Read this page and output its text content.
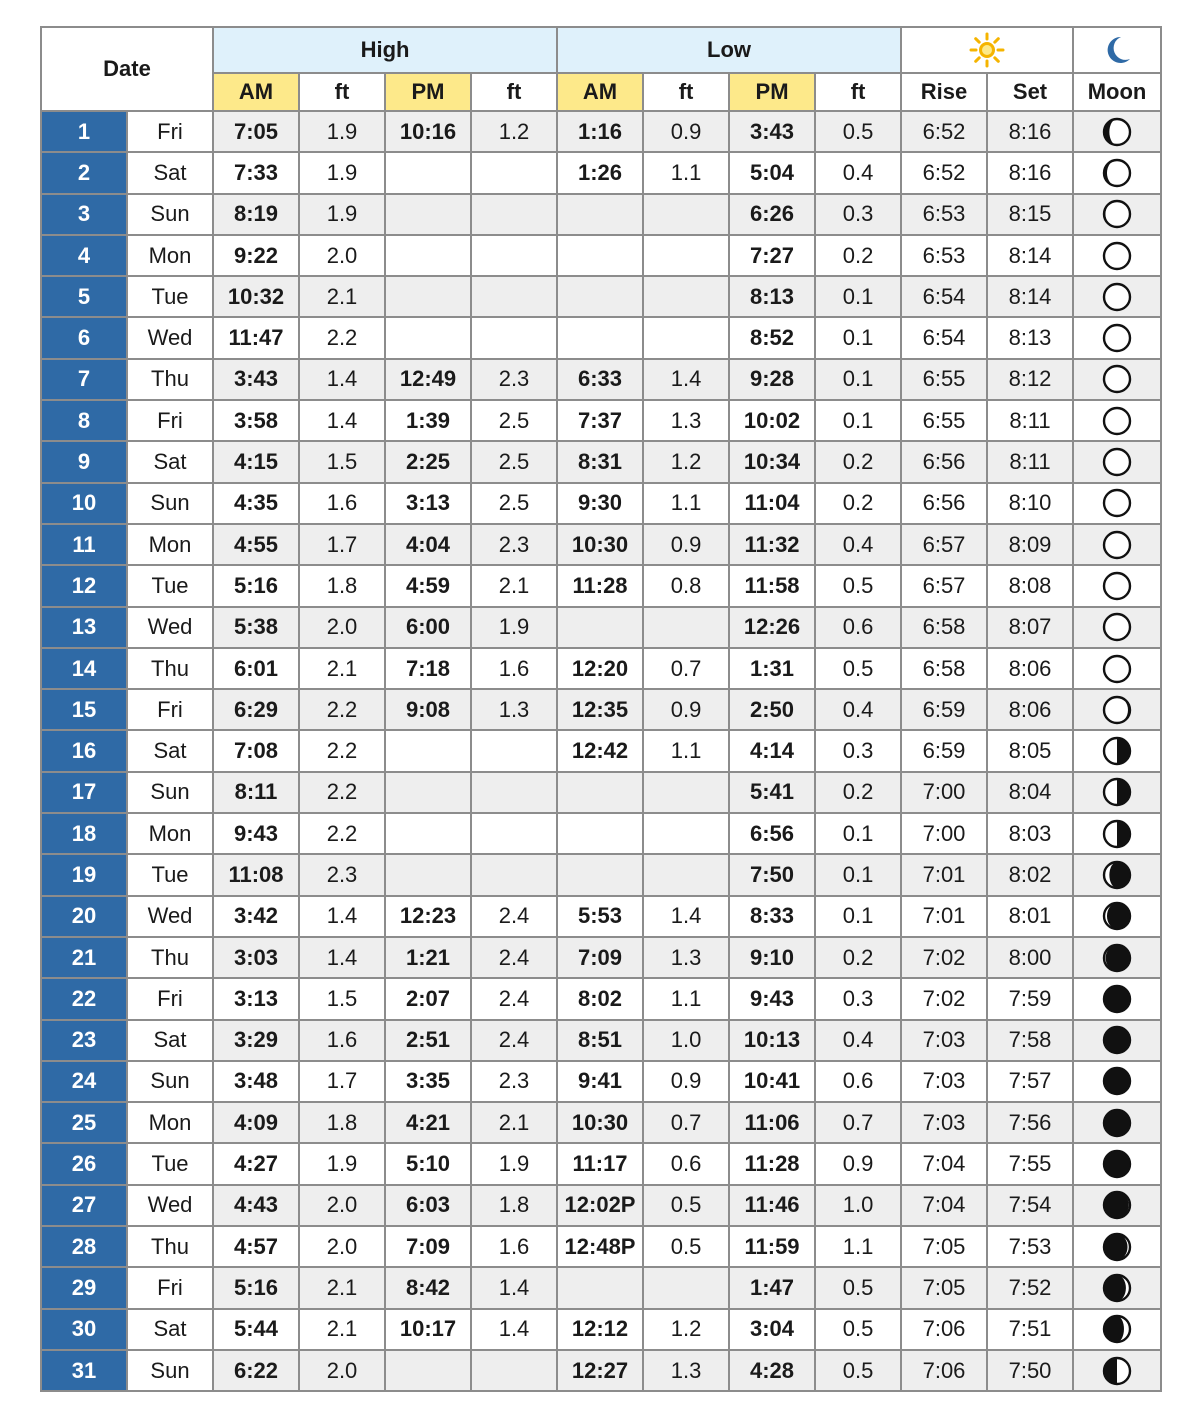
Date		High				Low		
		AM	ft	PM	ft	AM	ft	PM	ft	Rise	Set	Moon
1	Fri	7:05	1.9	10:16	1.2	1:16	0.9	3:43	0.5	6:52	8:16	

2	Sat	7:33	1.9			1:26	1.1	5:04	0.4	6:52	8:16	

3	Sun	8:19	1.9					6:26	0.3	6:53	8:15	

4	Mon	9:22	2.0					7:27	0.2	6:53	8:14	

5	Tue	10:32	2.1					8:13	0.1	6:54	8:14	

6	Wed	11:47	2.2					8:52	0.1	6:54	8:13	

7	Thu	3:43	1.4	12:49	2.3	6:33	1.4	9:28	0.1	6:55	8:12	

8	Fri	3:58	1.4	1:39	2.5	7:37	1.3	10:02	0.1	6:55	8:11	

9	Sat	4:15	1.5	2:25	2.5	8:31	1.2	10:34	0.2	6:56	8:11	

10	Sun	4:35	1.6	3:13	2.5	9:30	1.1	11:04	0.2	6:56	8:10	

11	Mon	4:55	1.7	4:04	2.3	10:30	0.9	11:32	0.4	6:57	8:09	

12	Tue	5:16	1.8	4:59	2.1	11:28	0.8	11:58	0.5	6:57	8:08	

13	Wed	5:38	2.0	6:00	1.9			12:26	0.6	6:58	8:07	

14	Thu	6:01	2.1	7:18	1.6	12:20	0.7	1:31	0.5	6:58	8:06	

15	Fri	6:29	2.2	9:08	1.3	12:35	0.9	2:50	0.4	6:59	8:06	

16	Sat	7:08	2.2			12:42	1.1	4:14	0.3	6:59	8:05	

17	Sun	8:11	2.2					5:41	0.2	7:00	8:04	

18	Mon	9:43	2.2					6:56	0.1	7:00	8:03	

19	Tue	11:08	2.3					7:50	0.1	7:01	8:02	

20	Wed	3:42	1.4	12:23	2.4	5:53	1.4	8:33	0.1	7:01	8:01	

21	Thu	3:03	1.4	1:21	2.4	7:09	1.3	9:10	0.2	7:02	8:00	

22	Fri	3:13	1.5	2:07	2.4	8:02	1.1	9:43	0.3	7:02	7:59	

23	Sat	3:29	1.6	2:51	2.4	8:51	1.0	10:13	0.4	7:03	7:58	

24	Sun	3:48	1.7	3:35	2.3	9:41	0.9	10:41	0.6	7:03	7:57	

25	Mon	4:09	1.8	4:21	2.1	10:30	0.7	11:06	0.7	7:03	7:56	

26	Tue	4:27	1.9	5:10	1.9	11:17	0.6	11:28	0.9	7:04	7:55	

27	Wed	4:43	2.0	6:03	1.8	12:02P	0.5	11:46	1.0	7:04	7:54	

28	Thu	4:57	2.0	7:09	1.6	12:48P	0.5	11:59	1.1	7:05	7:53	

29	Fri	5:16	2.1	8:42	1.4			1:47	0.5	7:05	7:52	

30	Sat	5:44	2.1	10:17	1.4	12:12	1.2	3:04	0.5	7:06	7:51	

31	Sun	6:22	2.0			12:27	1.3	4:28	0.5	7:06	7:50	
